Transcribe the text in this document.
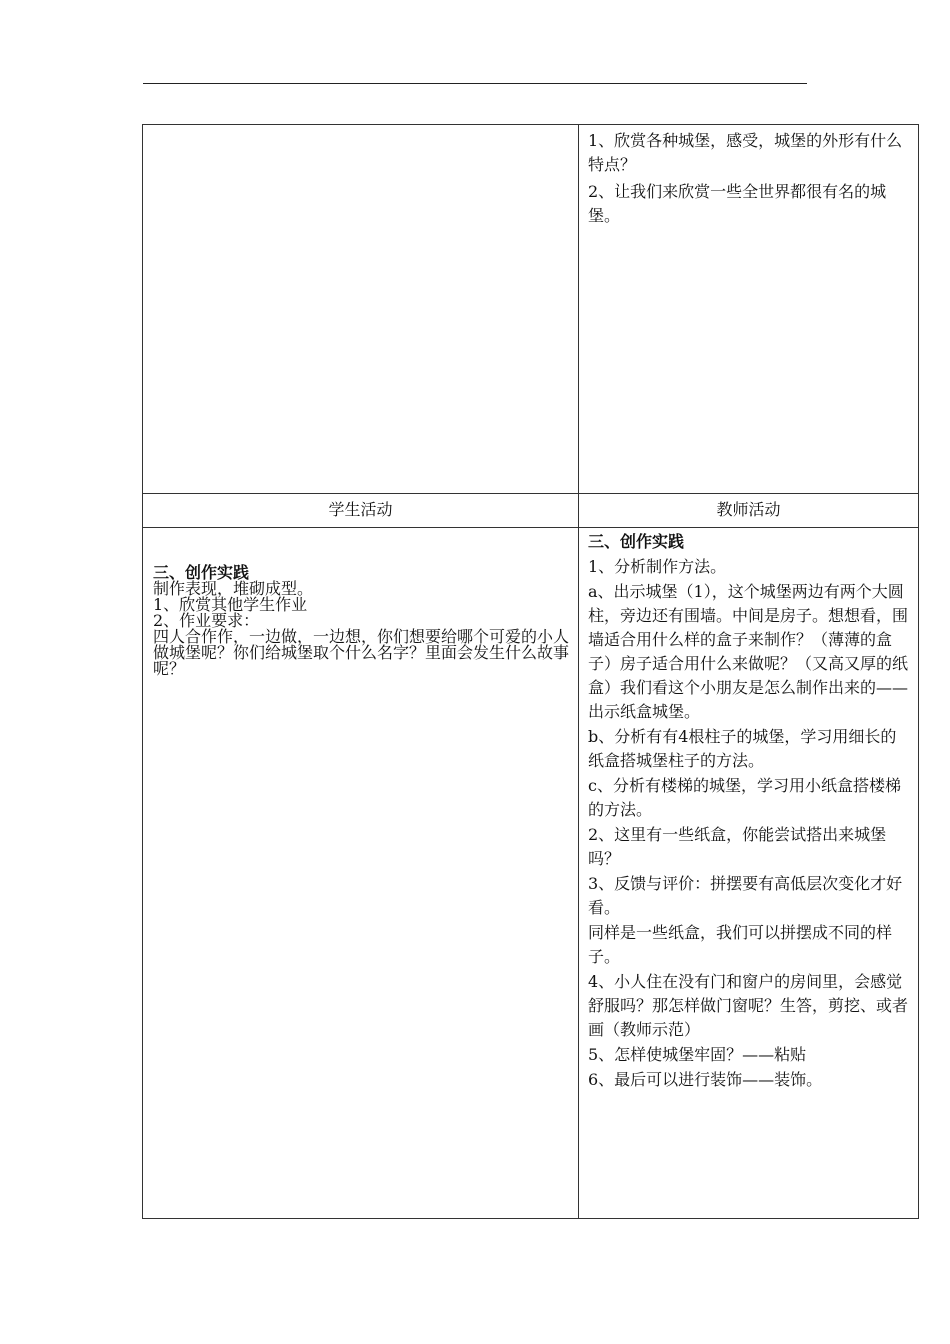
1、欣赏各种城堡，感受，城堡的外形有什么特点？

2、让我们来欣赏一些全世界都很有名的城堡。

学生活动	教师活动
三、创作实践
制作表现，堆砌成型。
1、欣赏其他学生作业
2、作业要求：
四人合作作，一边做，一边想，你们想要给哪个可爱的小人做城堡呢？你们给城堡取个什么名字？里面会发生什么故事呢？

三、创作实践

1、分析制作方法。

a、出示城堡（1），这个城堡两边有两个大圆柱，旁边还有围墙。中间是房子。想想看，围墙适合用什么样的盒子来制作？（薄薄的盒子）房子适合用什么来做呢？（又高又厚的纸盒）我们看这个小朋友是怎么制作出来的——出示纸盒城堡。

b、分析有有4根柱子的城堡，学习用细长的纸盒搭城堡柱子的方法。

c、分析有楼梯的城堡，学习用小纸盒搭楼梯的方法。

2、这里有一些纸盒，你能尝试搭出来城堡吗？

3、反馈与评价：拼摆要有高低层次变化才好看。

同样是一些纸盒，我们可以拼摆成不同的样子。

4、小人住在没有门和窗户的房间里，会感觉舒服吗？那怎样做门窗呢？生答，剪挖、或者画（教师示范）

5、怎样使城堡牢固？——粘贴

6、最后可以进行装饰——装饰。
